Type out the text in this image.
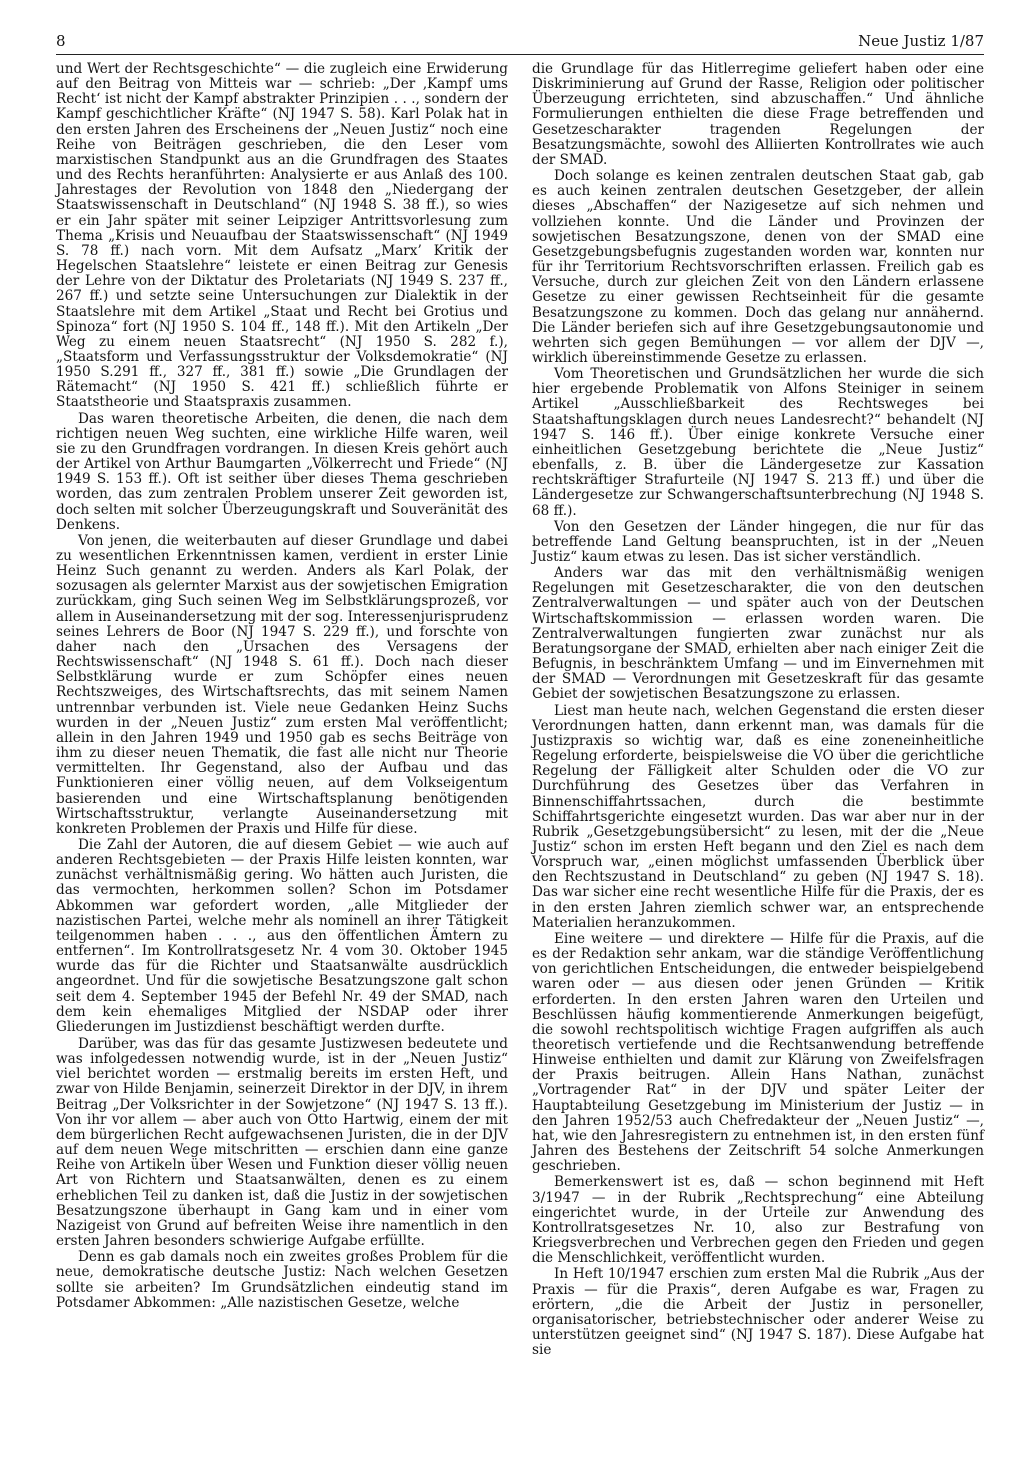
8	Neue Justiz 1/87

und Wert der Rechtsgeschichte“ — die zugleich eine Erwiderung auf den Beitrag von Mitteis war — schrieb: „Der ‚Kampf ums Recht‘ ist nicht der Kampf abstrakter Prinzipien . . ., sondern der Kampf geschichtlicher Kräfte“ (NJ 1947 S. 58). Karl Polak hat in den ersten Jahren des Erscheinens der „Neuen Justiz“ noch eine Reihe von Beiträgen geschrieben, die den Leser vom marxistischen Standpunkt aus an die Grundfragen des Staates und des Rechts heranführten: Analysierte er aus Anlaß des 100. Jahrestages der Revolution von 1848 den „Niedergang der Staatswissenschaft in Deutschland“ (NJ 1948 S. 38 ff.), so wies er ein Jahr später mit seiner Leipziger Antrittsvorlesung zum Thema „Krisis und Neuaufbau der Staatswissenschaft“ (NJ 1949 S. 78 ff.) nach vorn. Mit dem Aufsatz „Marx’ Kritik der Hegelschen Staatslehre“ leistete er einen Beitrag zur Genesis der Lehre von der Diktatur des Proletariats (NJ 1949 S. 237 ff., 267 ff.) und setzte seine Untersuchungen zur Dialektik in der Staatslehre mit dem Artikel „Staat und Recht bei Grotius und Spinoza“ fort (NJ 1950 S. 104 ff., 148 ff.). Mit den Artikeln „Der Weg zu einem neuen Staatsrecht“ (NJ 1950 S. 282 f.), „Staatsform und Verfassungsstruktur der Volksdemokratie“ (NJ 1950 S.291 ff., 327 ff., 381 ff.) sowie „Die Grundlagen der Rätemacht“ (NJ 1950 S. 421 ff.) schließlich führte er Staatstheorie und Staatspraxis zusammen.

Das waren theoretische Arbeiten, die denen, die nach dem richtigen neuen Weg suchten, eine wirkliche Hilfe waren, weil sie zu den Grundfragen vordrangen. In diesen Kreis gehört auch der Artikel von Arthur Baumgarten „Völkerrecht und Friede“ (NJ 1949 S. 153 ff.). Oft ist seither über dieses Thema geschrieben worden, das zum zentralen Problem unserer Zeit geworden ist, doch selten mit solcher Überzeugungskraft und Souveränität des Denkens.

Von jenen, die weiterbauten auf dieser Grundlage und dabei zu wesentlichen Erkenntnissen kamen, verdient in erster Linie Heinz Such genannt zu werden. Anders als Karl Polak, der sozusagen als gelernter Marxist aus der sowjetischen Emigration zurückkam, ging Such seinen Weg im Selbstklärungsprozeß, vor allem in Auseinandersetzung mit der sog. Interessenjurisprudenz seines Lehrers de Boor (NJ 1947 S. 229 ff.), und forschte von daher nach den „Ursachen des Versagens der Rechtswissenschaft“ (NJ 1948 S. 61 ff.). Doch nach dieser Selbstklärung wurde er zum Schöpfer eines neuen Rechtszweiges, des Wirtschaftsrechts, das mit seinem Namen untrennbar verbunden ist. Viele neue Gedanken Heinz Suchs wurden in der „Neuen Justiz“ zum ersten Mal veröffentlicht; allein in den Jahren 1949 und 1950 gab es sechs Beiträge von ihm zu dieser neuen Thematik, die fast alle nicht nur Theorie vermittelten. Ihr Gegenstand, also der Aufbau und das Funktionieren einer völlig neuen, auf dem Volkseigentum basierenden und eine Wirtschaftsplanung benötigenden Wirtschaftsstruktur, verlangte Auseinandersetzung mit konkreten Problemen der Praxis und Hilfe für diese.

Die Zahl der Autoren, die auf diesem Gebiet — wie auch auf anderen Rechtsgebieten — der Praxis Hilfe leisten konnten, war zunächst verhältnismäßig gering. Wo hätten auch Juristen, die das vermochten, herkommen sollen? Schon im Potsdamer Abkommen war gefordert worden, „alle Mitglieder der nazistischen Partei, welche mehr als nominell an ihrer Tätigkeit teilgenommen haben . . ., aus den öffentlichen Ämtern zu entfernen“. Im Kontrollratsgesetz Nr. 4 vom 30. Oktober 1945 wurde das für die Richter und Staatsanwälte ausdrücklich angeordnet. Und für die sowjetische Besatzungszone galt schon seit dem 4. September 1945 der Befehl Nr. 49 der SMAD, nach dem kein ehemaliges Mitglied der NSDAP oder ihrer Gliederungen im Justizdienst beschäftigt werden durfte.

Darüber, was das für das gesamte Justizwesen bedeutete und was infolgedessen notwendig wurde, ist in der „Neuen Justiz“ viel berichtet worden — erstmalig bereits im ersten Heft, und zwar von Hilde Benjamin, seinerzeit Direktor in der DJV, in ihrem Beitrag „Der Volksrichter in der Sowjetzone“ (NJ 1947 S. 13 ff.). Von ihr vor allem — aber auch von Otto Hartwig, einem der mit dem bürgerlichen Recht aufgewachsenen Juristen, die in der DJV auf dem neuen Wege mitschritten — erschien dann eine ganze Reihe von Artikeln über Wesen und Funktion dieser völlig neuen Art von Richtern und Staatsanwälten, denen es zu einem erheblichen Teil zu danken ist, daß die Justiz in der sowjetischen Besatzungszone überhaupt in Gang kam und in einer vom Nazigeist von Grund auf befreiten Weise ihre namentlich in den ersten Jahren besonders schwierige Aufgabe erfüllte.

Denn es gab damals noch ein zweites großes Problem für die neue, demokratische deutsche Justiz: Nach welchen Gesetzen sollte sie arbeiten? Im Grundsätzlichen eindeutig stand im Potsdamer Abkommen: „Alle nazistischen Gesetze, welche

die Grundlage für das Hitlerregime geliefert haben oder eine Diskriminierung auf Grund der Rasse, Religion oder politischer Überzeugung errichteten, sind abzuschaffen.“ Und ähnliche Formulierungen enthielten die diese Frage betreffenden und Gesetzescharakter tragenden Regelungen der Besatzungsmächte, sowohl des Alliierten Kontrollrates wie auch der SMAD.

Doch solange es keinen zentralen deutschen Staat gab, gab es auch keinen zentralen deutschen Gesetzgeber, der allein dieses „Abschaffen“ der Nazigesetze auf sich nehmen und vollziehen konnte. Und die Länder und Provinzen der sowjetischen Besatzungszone, denen von der SMAD eine Gesetzgebungsbefugnis zugestanden worden war, konnten nur für ihr Territorium Rechtsvorschriften erlassen. Freilich gab es Versuche, durch zur gleichen Zeit von den Ländern erlassene Gesetze zu einer gewissen Rechtseinheit für die gesamte Besatzungszone zu kommen. Doch das gelang nur annähernd. Die Länder beriefen sich auf ihre Gesetzgebungsautonomie und wehrten sich gegen Bemühungen — vor allem der DJV —, wirklich übereinstimmende Gesetze zu erlassen.

Vom Theoretischen und Grundsätzlichen her wurde die sich hier ergebende Problematik von Alfons Steiniger in seinem Artikel „Ausschließbarkeit des Rechtsweges bei Staatshaftungsklagen durch neues Landesrecht?“ behandelt (NJ 1947 S. 146 ff.). Über einige konkrete Versuche einer einheitlichen Gesetzgebung berichtete die „Neue Justiz“ ebenfalls, z. B. über die Ländergesetze zur Kassation rechtskräftiger Strafurteile (NJ 1947 S. 213 ff.) und über die Ländergesetze zur Schwangerschaftsunterbrechung (NJ 1948 S. 68 ff.).

Von den Gesetzen der Länder hingegen, die nur für das betreffende Land Geltung beanspruchten, ist in der „Neuen Justiz“ kaum etwas zu lesen. Das ist sicher verständlich.

Anders war das mit den verhältnismäßig wenigen Regelungen mit Gesetzescharakter, die von den deutschen Zentralverwaltungen — und später auch von der Deutschen Wirtschaftskommission — erlassen worden waren. Die Zentralverwaltungen fungierten zwar zunächst nur als Beratungsorgane der SMAD, erhielten aber nach einiger Zeit die Befugnis, in beschränktem Umfang — und im Einvernehmen mit der SMAD — Verordnungen mit Gesetzeskraft für das gesamte Gebiet der sowjetischen Besatzungszone zu erlassen.

Liest man heute nach, welchen Gegenstand die ersten dieser Verordnungen hatten, dann erkennt man, was damals für die Justizpraxis so wichtig war, daß es eine zoneneinheitliche Regelung erforderte, beispielsweise die VO über die gerichtliche Regelung der Fälligkeit alter Schulden oder die VO zur Durchführung des Gesetzes über das Verfahren in Binnenschiffahrtssachen, durch die bestimmte Schiffahrtsgerichte eingesetzt wurden. Das war aber nur in der Rubrik „Gesetzgebungsübersicht“ zu lesen, mit der die „Neue Justiz“ schon im ersten Heft begann und den Ziel es nach dem Vorspruch war, „einen möglichst umfassenden Überblick über den Rechtszustand in Deutschland“ zu geben (NJ 1947 S. 18). Das war sicher eine recht wesentliche Hilfe für die Praxis, der es in den ersten Jahren ziemlich schwer war, an entsprechende Materialien heranzukommen.

Eine weitere — und direktere — Hilfe für die Praxis, auf die es der Redaktion sehr ankam, war die ständige Veröffentlichung von gerichtlichen Entscheidungen, die entweder beispielgebend waren oder — aus diesen oder jenen Gründen — Kritik erforderten. In den ersten Jahren waren den Urteilen und Beschlüssen häufig kommentierende Anmerkungen beigefügt, die sowohl rechtspolitisch wichtige Fragen aufgriffen als auch theoretisch vertiefende und die Rechtsanwendung betreffende Hinweise enthielten und damit zur Klärung von Zweifelsfragen der Praxis beitrugen. Allein Hans Nathan, zunächst „Vortragender Rat“ in der DJV und später Leiter der Hauptabteilung Gesetzgebung im Ministerium der Justiz — in den Jahren 1952/53 auch Chefredakteur der „Neuen Justiz“ —, hat, wie den Jahresregistern zu entnehmen ist, in den ersten fünf Jahren des Bestehens der Zeitschrift 54 solche Anmerkungen geschrieben.

Bemerkenswert ist es, daß — schon beginnend mit Heft 3/1947 — in der Rubrik „Rechtsprechung“ eine Abteilung eingerichtet wurde, in der Urteile zur Anwendung des Kontrollratsgesetzes Nr. 10, also zur Bestrafung von Kriegsverbrechen und Verbrechen gegen den Frieden und gegen die Menschlichkeit, veröffentlicht wurden.

In Heft 10/1947 erschien zum ersten Mal die Rubrik „Aus der Praxis — für die Praxis“, deren Aufgabe es war, Fragen zu erörtern, „die die Arbeit der Justiz in personeller, organisatorischer, betriebstechnischer oder anderer Weise zu unterstützen geeignet sind“ (NJ 1947 S. 187). Diese Aufgabe hat sie
